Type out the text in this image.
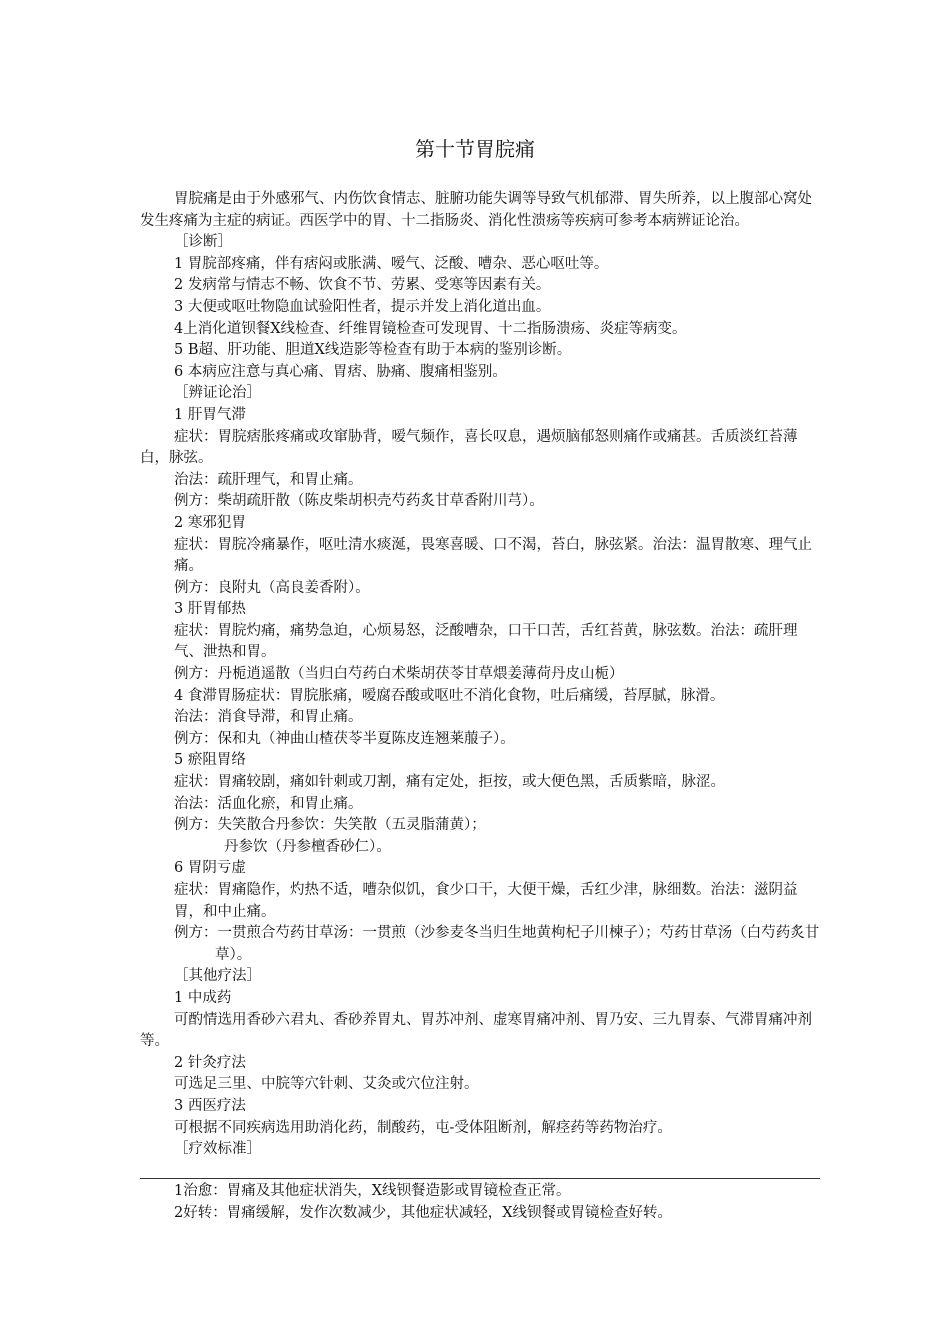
第十节胃脘痛

胃脘痛是由于外感邪气、内伤饮食情志、脏腑功能失调等导致气机郁滞、胃失所养，以上腹部心窝处发生疼痛为主症的病证。西医学中的胃、十二指肠炎、消化性溃疡等疾病可参考本病辨证论治。

［诊断］

1 胃脘部疼痛，伴有痞闷或胀满、嗳气、泛酸、嘈杂、恶心呕吐等。

2 发病常与情志不畅、饮食不节、劳累、受寒等因素有关。

3 大便或呕吐物隐血试验阳性者，提示并发上消化道出血。

4上消化道钡餐X线检查、纤维胃镜检查可发现胃、十二指肠溃疡、炎症等病变。

5 B超、肝功能、胆道X线造影等检查有助于本病的鉴别诊断。

6 本病应注意与真心痛、胃痞、胁痛、腹痛相鉴别。

［辨证论治］

1 肝胃气滞

症状：胃脘痞胀疼痛或攻窜胁背，嗳气频作，喜长叹息，遇烦脑郁怒则痛作或痛甚。舌质淡红苔薄白，脉弦。

治法：疏肝理气，和胃止痛。

例方：柴胡疏肝散（陈皮柴胡枳壳芍药炙甘草香附川芎）。

2 寒邪犯胃

症状：胃脘冷痛暴作，呕吐清水痰涎，畏寒喜暖、口不渴，苔白，脉弦紧。治法：温胃散寒、理气止痛。

例方：良附丸（高良姜香附）。

3 肝胃郁热

症状：胃脘灼痛，痛势急迫，心烦易怒，泛酸嘈杂，口干口苦，舌红苔黄，脉弦数。治法：疏肝理气、泄热和胃。

例方：丹栀逍遥散（当归白芍药白术柴胡茯苓甘草煨姜薄荷丹皮山栀）

4 食滞胃肠症状：胃脘胀痛，嗳腐吞酸或呕吐不消化食物，吐后痛缓，苔厚腻，脉滑。

治法：消食导滞，和胃止痛。

例方：保和丸（神曲山楂茯苓半夏陈皮连翘莱菔子）。

5 瘀阻胃络

症状：胃痛较剧，痛如针刺或刀割，痛有定处，拒按，或大便色黑，舌质紫暗，脉涩。

治法：活血化瘀，和胃止痛。

例方：失笑散合丹参饮：失笑散（五灵脂蒲黄）；

丹参饮（丹参檀香砂仁）。

6 胃阴亏虚

症状：胃痛隐作，灼热不适，嘈杂似饥，食少口干，大便干燥，舌红少津，脉细数。治法：滋阴益胃，和中止痛。

例方：一贯煎合芍药甘草汤：一贯煎（沙参麦冬当归生地黄枸杞子川楝子）；芍药甘草汤（白芍药炙甘草）。

［其他疗法］

1 中成药

可酌情选用香砂六君丸、香砂养胃丸、胃苏冲剂、虚寒胃痛冲剂、胃乃安、三九胃泰、气滞胃痛冲剂等。

2 针灸疗法

可选足三里、中脘等穴针刺、艾灸或穴位注射。

3 西医疗法

可根据不同疾病选用助消化药，制酸药，屯-受体阻断剂，解痉药等药物治疗。

［疗效标准］

1治愈：胃痛及其他症状消失，X线钡餐造影或胃镜检查正常。

2好转：胃痛缓解，发作次数减少，其他症状减轻，X线钡餐或胃镜检查好转。
